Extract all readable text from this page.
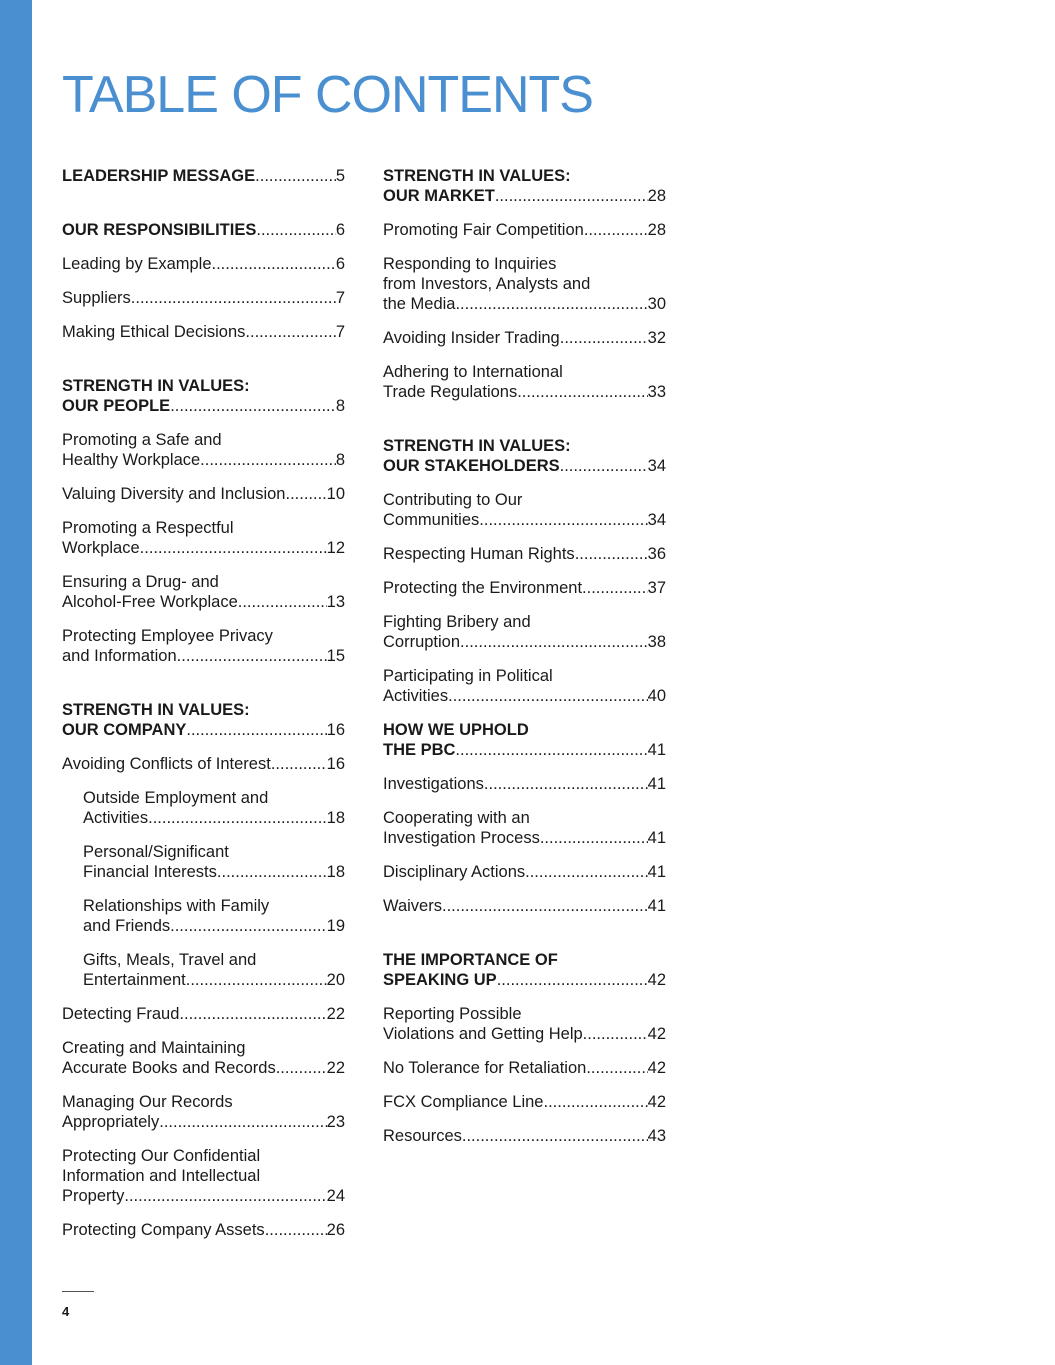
TABLE OF CONTENTS
LEADERSHIP MESSAGE .....	5
OUR RESPONSIBILITIES .....	6
Leading by Example .....	6
Suppliers .....	7
Making Ethical Decisions .....	7
STRENGTH IN VALUES:
OUR PEOPLE .....	8
Promoting a Safe and
Healthy Workplace .....	8
Valuing Diversity and Inclusion ..... 10
Promoting a Respectful
Workplace .....	12
Ensuring a Drug- and
Alcohol-Free Workplace .....	13
Protecting Employee Privacy
and Information .....	15
STRENGTH IN VALUES:
OUR COMPANY .....	16
Avoiding Conflicts of Interest .....	16
Outside Employment and
Activities .....	18
Personal/Significant
Financial Interests .....	18
Relationships with Family
and Friends .....	19
Gifts, Meals, Travel and
Entertainment .....	20
Detecting Fraud .....	22
Creating and Maintaining
Accurate Books and Records. .....	22
Managing Our Records
Appropriately .....	23
Protecting Our Confidential
Information and Intellectual
Property .....	24
Protecting Company Assets .....	26
STRENGTH IN VALUES:
OUR MARKET .....	28
Promoting Fair Competition .....	28
Responding to Inquiries
from Investors, Analysts and
the Media .....	30
Avoiding Insider Trading .....	32
Adhering to International
Trade Regulations .....	33
STRENGTH IN VALUES:
OUR STAKEHOLDERS .....	34
Contributing to Our
Communities .....	34
Respecting Human Rights .....	36
Protecting the Environment .....	37
Fighting Bribery and
Corruption .....	38
Participating in Political
Activities .....	40
HOW WE UPHOLD
THE PBC .....	41
Investigations .....	41
Cooperating with an
Investigation Process .....	41
Disciplinary Actions .....	41
Waivers .....	41
THE IMPORTANCE OF
SPEAKING UP .....	42
Reporting Possible
Violations and Getting Help .....	42
No Tolerance for Retaliation .....	42
FCX Compliance Line .....	42
Resources .....	43
4
